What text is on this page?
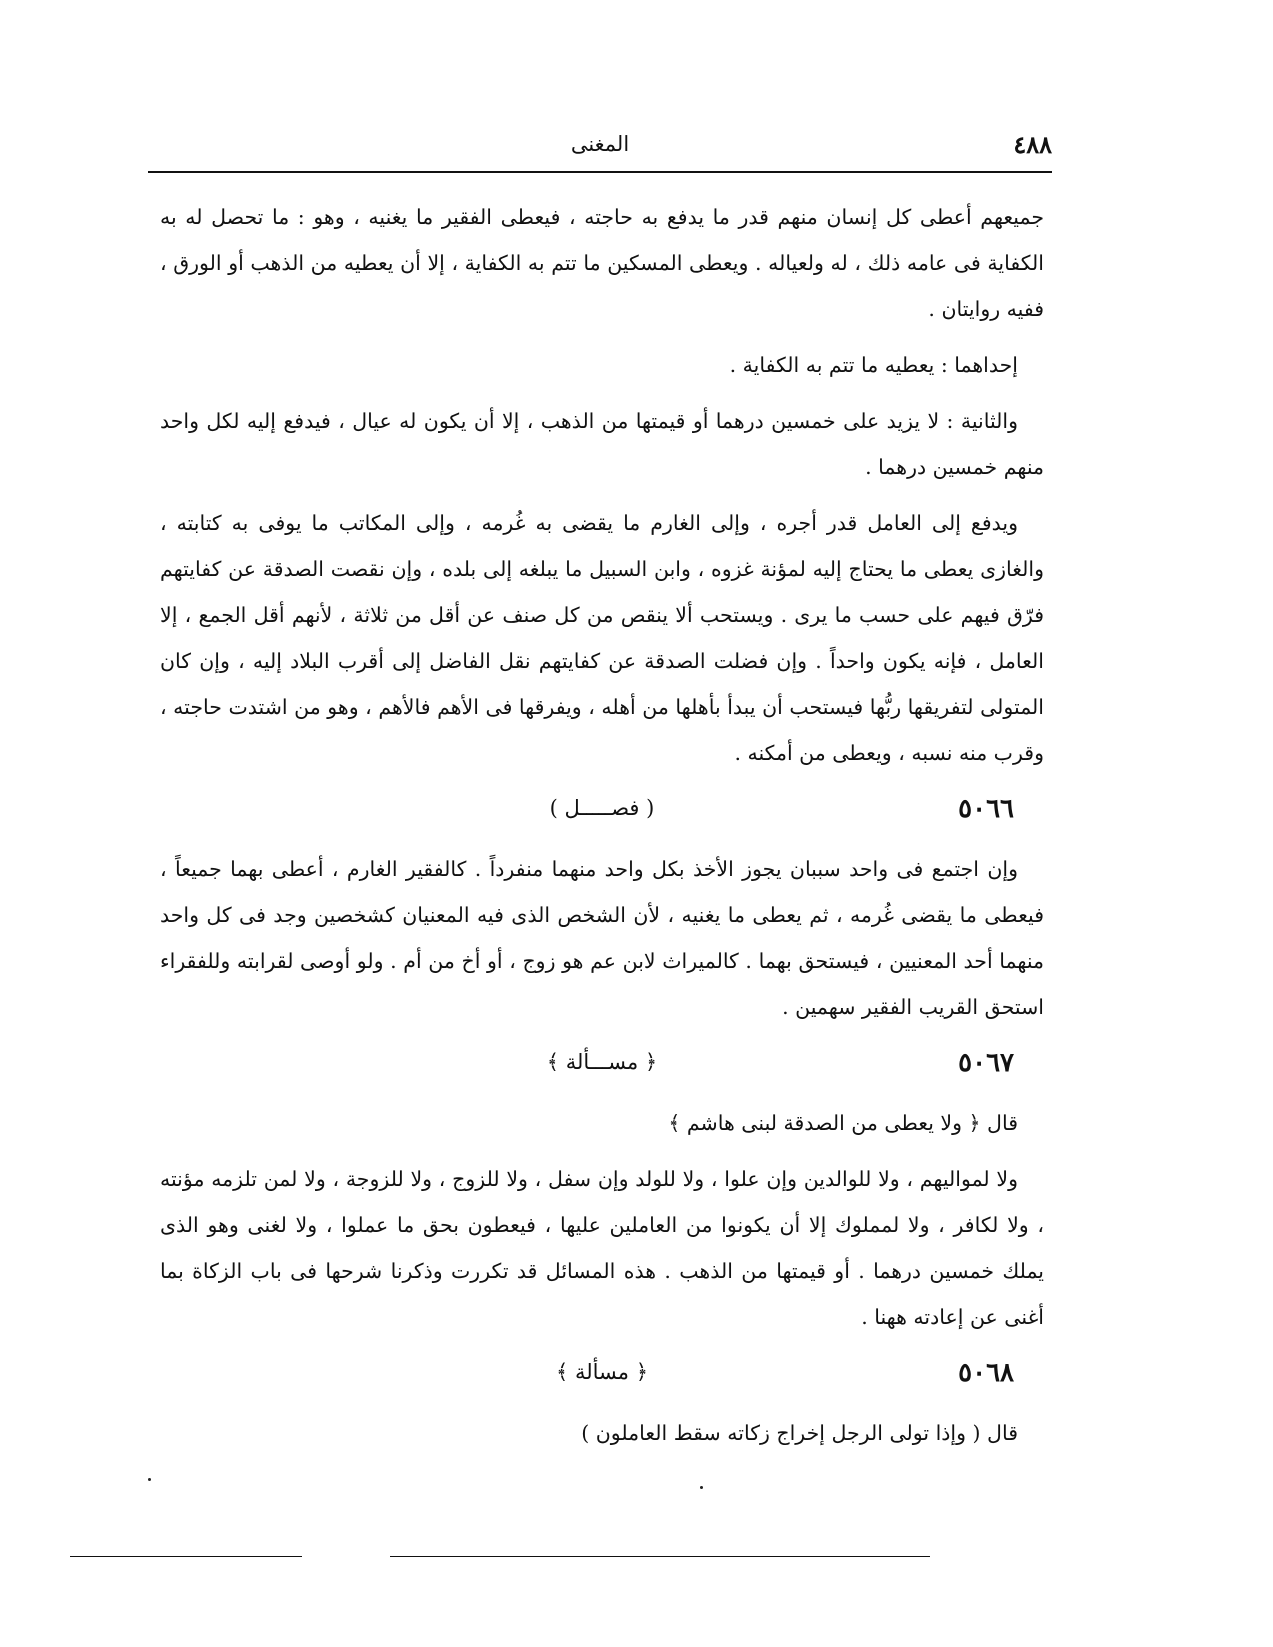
٤٨٨
المغنى

جميعهم أعطى كل إنسان منهم قدر ما يدفع به حاجته ، فيعطى الفقير ما يغنيه ، وهو : ما تحصل له به الكفاية فى عامه ذلك ، له ولعياله . ويعطى المسكين ما تتم به الكفاية ، إلا أن يعطيه من الذهب أو الورق ، ففيه روايتان .

إحداهما : يعطيه ما تتم به الكفاية .

والثانية : لا يزيد على خمسين درهما أو قيمتها من الذهب ، إلا أن يكون له عيال ، فيدفع إليه لكل واحد منهم خمسين درهما .

ويدفع إلى العامل قدر أجره ، وإلى الغارم ما يقضى به غُرمه ، وإلى المكاتب ما يوفى به كتابته ، والغازى يعطى ما يحتاج إليه لمؤنة غزوه ، وابن السبيل ما يبلغه إلى بلده ، وإن نقصت الصدقة عن كفايتهم فرّق فيهم على حسب ما يرى . ويستحب ألا ينقص من كل صنف عن أقل من ثلاثة ، لأنهم أقل الجمع ، إلا العامل ، فإنه يكون واحداً . وإن فضلت الصدقة عن كفايتهم نقل الفاضل إلى أقرب البلاد إليه ، وإن كان المتولى لتفريقها ربُّها فيستحب أن يبدأ بأهلها من أهله ، ويفرقها فى الأهم فالأهم ، وهو من اشتدت حاجته ، وقرب منه نسبه ، ويعطى من أمكنه .

٥٠٦٦
( فصـــــل )

وإن اجتمع فى واحد سببان يجوز الأخذ بكل واحد منهما منفرداً . كالفقير الغارم ، أعطى بهما جميعاً ، فيعطى ما يقضى غُرمه ، ثم يعطى ما يغنيه ، لأن الشخص الذى فيه المعنيان كشخصين وجد فى كل واحد منهما أحد المعنيين ، فيستحق بهما . كالميراث لابن عم هو زوج ، أو أخ من أم . ولو أوصى لقرابته وللفقراء استحق القريب الفقير سهمين .

٥٠٦٧
﴿ مســـألة ﴾

قال ﴿ ولا يعطى من الصدقة لبنى هاشم ﴾

ولا لمواليهم ، ولا للوالدين وإن علوا ، ولا للولد وإن سفل ، ولا للزوج ، ولا للزوجة ، ولا لمن تلزمه مؤنته ، ولا لكافر ، ولا لمملوك إلا أن يكونوا من العاملين عليها ، فيعطون بحق ما عملوا ، ولا لغنى وهو الذى يملك خمسين درهما . أو قيمتها من الذهب . هذه المسائل قد تكررت وذكرنا شرحها فى باب الزكاة بما أغنى عن إعادته ههنا .

٥٠٦٨
﴿ مسألة ﴾

قال ( وإذا تولى الرجل إخراج زكاته سقط العاملون )
